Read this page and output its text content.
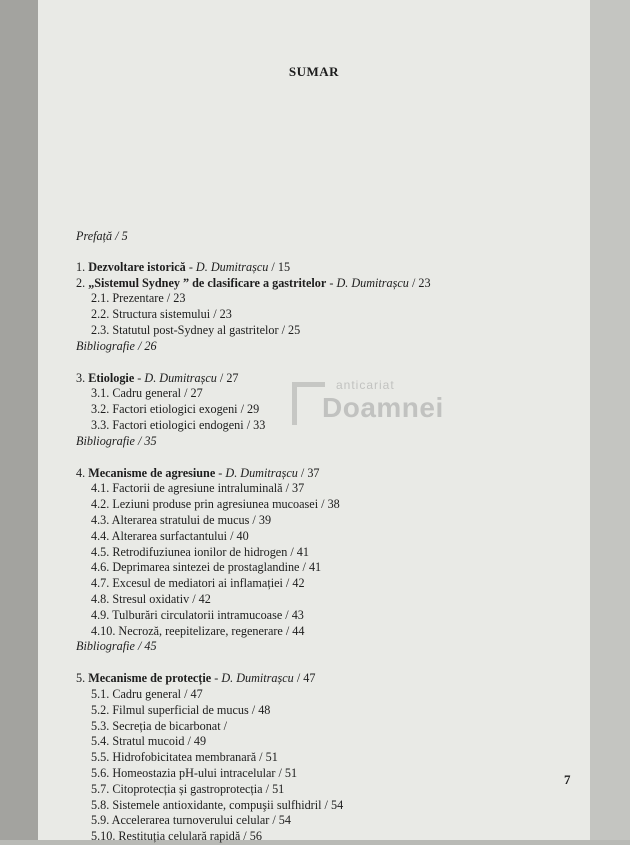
SUMAR
Prefață / 5
1. Dezvoltare istorică - D. Dumitrașcu / 15
2. „Sistemul Sydney ” de clasificare a gastritelor - D. Dumitrașcu / 23
2.1. Prezentare / 23
2.2. Structura sistemului / 23
2.3. Statutul post-Sydney al gastritelor / 25
Bibliografie / 26
3. Etiologie - D. Dumitrașcu / 27
3.1. Cadru general / 27
3.2. Factori etiologici exogeni / 29
3.3. Factori etiologici endogeni / 33
Bibliografie / 35
4. Mecanisme de agresiune - D. Dumitrașcu / 37
4.1. Factorii de agresiune intraluminală / 37
4.2. Leziuni produse prin agresiunea mucoasei / 38
4.3. Alterarea stratului de mucus / 39
4.4. Alterarea surfactantului / 40
4.5. Retrodifuziunea ionilor de hidrogen / 41
4.6. Deprimarea sintezei de prostaglandine / 41
4.7. Excesul de mediatori ai inflamației / 42
4.8. Stresul oxidativ / 42
4.9. Tulburări circulatorii intramucoase / 43
4.10. Necroză, reepitelizare, regenerare / 44
Bibliografie / 45
5. Mecanisme de protecție - D. Dumitrașcu / 47
5.1. Cadru general / 47
5.2. Filmul superficial de mucus / 48
5.3. Secreția de bicarbonat /
5.4. Stratul mucoid / 49
5.5. Hidrofobicitatea membranară / 51
5.6. Homeostazia pH-ului intracelular / 51
5.7. Citoprotecția și gastroprotecția / 51
5.8. Sistemele antioxidante, compuşii sulfhidril / 54
5.9. Accelerarea turnoverului celular / 54
5.10. Restituția celulară rapidă / 56
anticariat
Doamnei
7
